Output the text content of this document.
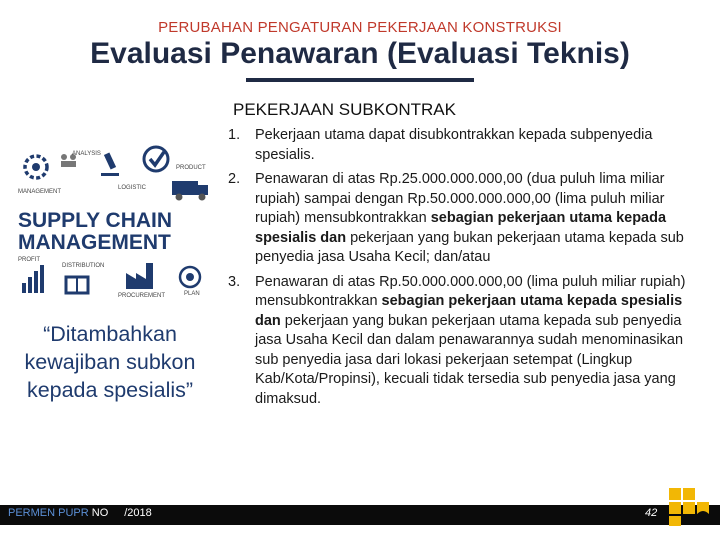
PERUBAHAN PENGATURAN PEKERJAAN KONSTRUKSI
Evaluasi Penawaran (Evaluasi Teknis)
PEKERJAAN SUBKONTRAK
ANALYSIS
PRODUCT
MANAGEMENT
LOGISTIC
SUPPLY CHAIN
MANAGEMENT
PROFIT
DISTRIBUTION
PROCUREMENT	PLAN
“Ditambahkan kewajiban subkon kepada spesialis”
1.	Pekerjaan utama dapat disubkontrakkan kepada subpenyedia spesialis.
2.	Penawaran di atas Rp.25.000.000.000,00 (dua puluh lima miliar rupiah) sampai dengan Rp.50.000.000.000,00 (lima puluh miliar rupiah) mensubkontrakkan sebagian pekerjaan utama kepada spesialis dan pekerjaan yang bukan pekerjaan utama kepada sub penyedia jasa Usaha Kecil; dan/atau
3.	Penawaran di atas Rp.50.000.000.000,00 (lima puluh miliar rupiah) mensubkontrakkan sebagian pekerjaan utama kepada spesialis dan pekerjaan yang bukan pekerjaan utama kepada sub penyedia jasa Usaha Kecil dan dalam penawarannya sudah menominasikan sub penyedia jasa dari lokasi pekerjaan setempat (Lingkup Kab/Kota/Propinsi), kecuali tidak tersedia sub penyedia jasa yang dimaksud.
PERMEN PUPR NO /2018	42
